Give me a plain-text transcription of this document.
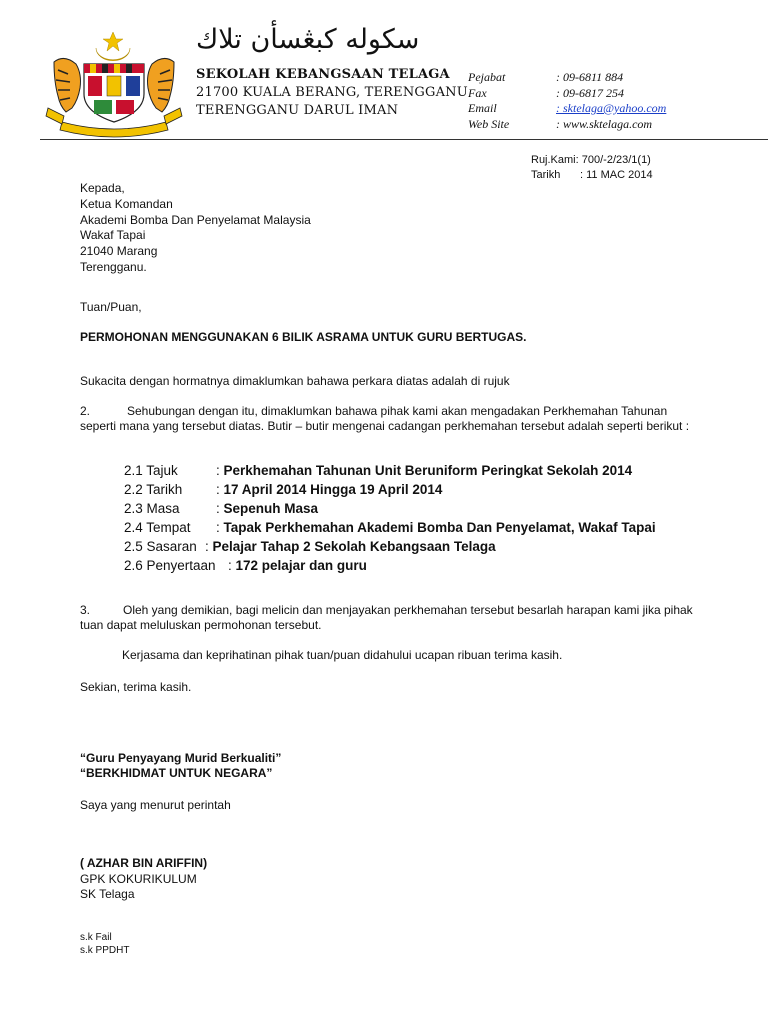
سکوله کبڠسأن تلاك
SEKOLAH KEBANGSAAN TELAGA
21700 KUALA BERANG, TERENGGANU
TERENGGANU DARUL IMAN
Pejabat	: 09-6811 884
Fax	: 09-6817 254
Email	: sktelaga@yahoo.com
Web Site	: www.sktelaga.com
Ruj.Kami: 700/-2/23/1(1)
Tarikh : 11 MAC 2014
Kepada,
Ketua Komandan
Akademi Bomba Dan Penyelamat Malaysia
Wakaf Tapai
21040 Marang
Terengganu.
Tuan/Puan,
PERMOHONAN MENGGUNAKAN 6 BILIK ASRAMA UNTUK GURU BERTUGAS.
Sukacita dengan hormatnya dimaklumkan bahawa perkara diatas adalah di rujuk
2.	Sehubungan dengan itu, dimaklumkan bahawa pihak kami akan mengadakan Perkhemahan Tahunan seperti mana yang tersebut diatas. Butir – butir mengenai cadangan perkhemahan tersebut adalah seperti berikut :
2.1 Tajuk	:
Perkhemahan Tahunan Unit Beruniform Peringkat Sekolah 2014
2.2 Tarikh	:
17 April 2014 Hingga 19 April 2014
2.3 Masa	:
Sepenuh Masa
2.4 Tempat	:
Tapak Perkhemahan Akademi Bomba Dan Penyelamat, Wakaf Tapai
2.5 Sasaran :
Pelajar Tahap 2 Sekolah Kebangsaan Telaga
2.6 Penyertaan :
172 pelajar dan guru
3.	Oleh yang demikian, bagi melicin dan menjayakan perkhemahan tersebut besarlah harapan kami jika pihak tuan dapat meluluskan permohonan tersebut.
Kerjasama dan keprihatinan pihak tuan/puan didahului ucapan ribuan terima kasih.
Sekian, terima kasih.
“Guru Penyayang Murid Berkualiti”
“BERKHIDMAT UNTUK NEGARA”
Saya yang menurut perintah
( AZHAR BIN ARIFFIN)
GPK KOKURIKULUM
SK Telaga
s.k Fail
s.k PPDHT
